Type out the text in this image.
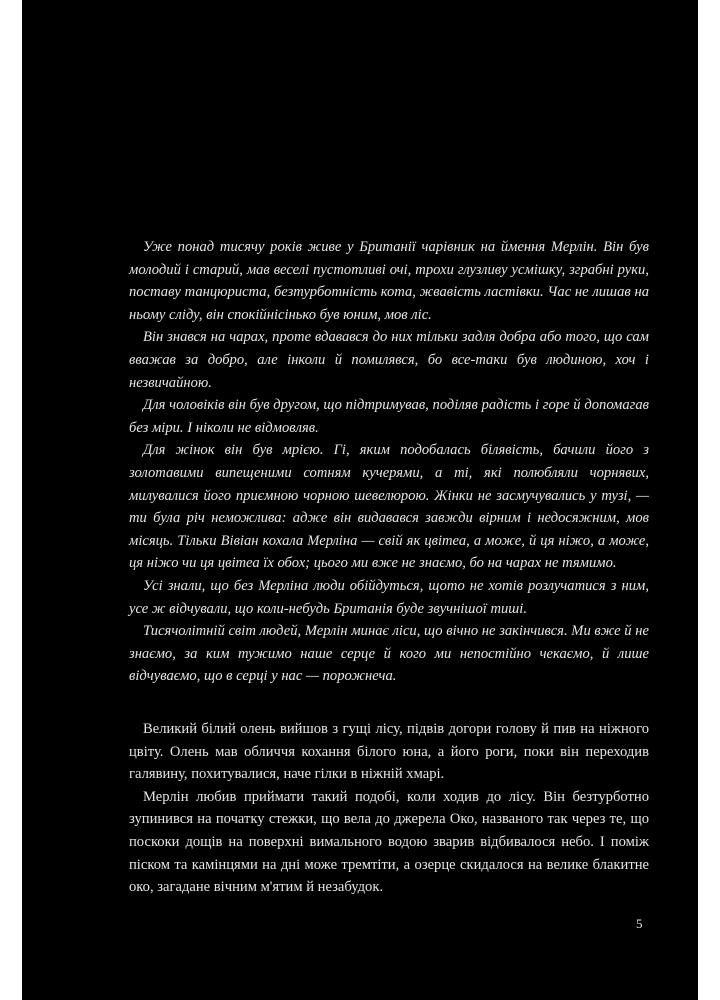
Уже понад тисячу років живе у Британії чарівник на ймення Мерлін. Він був молодий і старий, мав веселі пустотливі очі, трохи глузливу усмішку, зграбні руки, поставу танцюриста, безтурботність кота, жвавість ластівки. Час не лишав на ньому сліду, він спокійнісінько був юним, мов ліс.

Він знався на чарах, проте вдавався до них тільки задля добра або того, що сам вважав за добро, але інколи й помилявся, бо все-таки був людиною, хоч і незвичайною.

Для чоловіків він був другом, що підтримував, поділяв радість і горе й допомагав без міри. І ніколи не відмовляв.

Для жінок він був мрією. Гі, яким подобалась білявість, бачили його з золотавими випещеними сотням кучерями, а ті, які полюбляли чорнявих, милувалися його приємною чорною шевелюрою. Жінки не засмучувались у тузі, — ти була річ неможлива: адже він видавався завжди вірним і недосяжним, мов місяць. Тільки Вівіан кохала Мерліна — свій як цвітеа, а може, й ця ніжо, а може, ця ніжо чи ця цвітеа їх обох; цього ми вже не знаємо, бо на чарах не тямимо.

Усі знали, що без Мерліна люди обійдуться, щото не хотів розлучатися з ним, усе ж відчували, що коли-небудь Британія буде звучнішої тиші.

Тисячолітній світ людей, Мерлін минає ліси, що вічно не закінчився. Ми вже й не знаємо, за ким тужимо наше серце й кого ми непостійно чекаємо, й лише відчуваємо, що в серці у нас — порожнеча.

Великий білий олень вийшов з гущі лісу, підвів догори голову й пив на ніжного цвіту. Олень мав обличчя кохання білого юна, а його роги, поки він переходив галявину, похитувалися, наче гілки в ніжній хмарі.

Мерлін любив приймати такий подобі, коли ходив до лісу. Він безтурботно зупинився на початку стежки, що вела до джерела Око, названого так через те, що поскоки дощів на поверхні вимального водою зварив відбивалося небо. І поміж піском та камінцями на дні може тремтіти, а озерце скидалося на велике блакитне око, загадане вічним м'ятим й незабудок.

5
